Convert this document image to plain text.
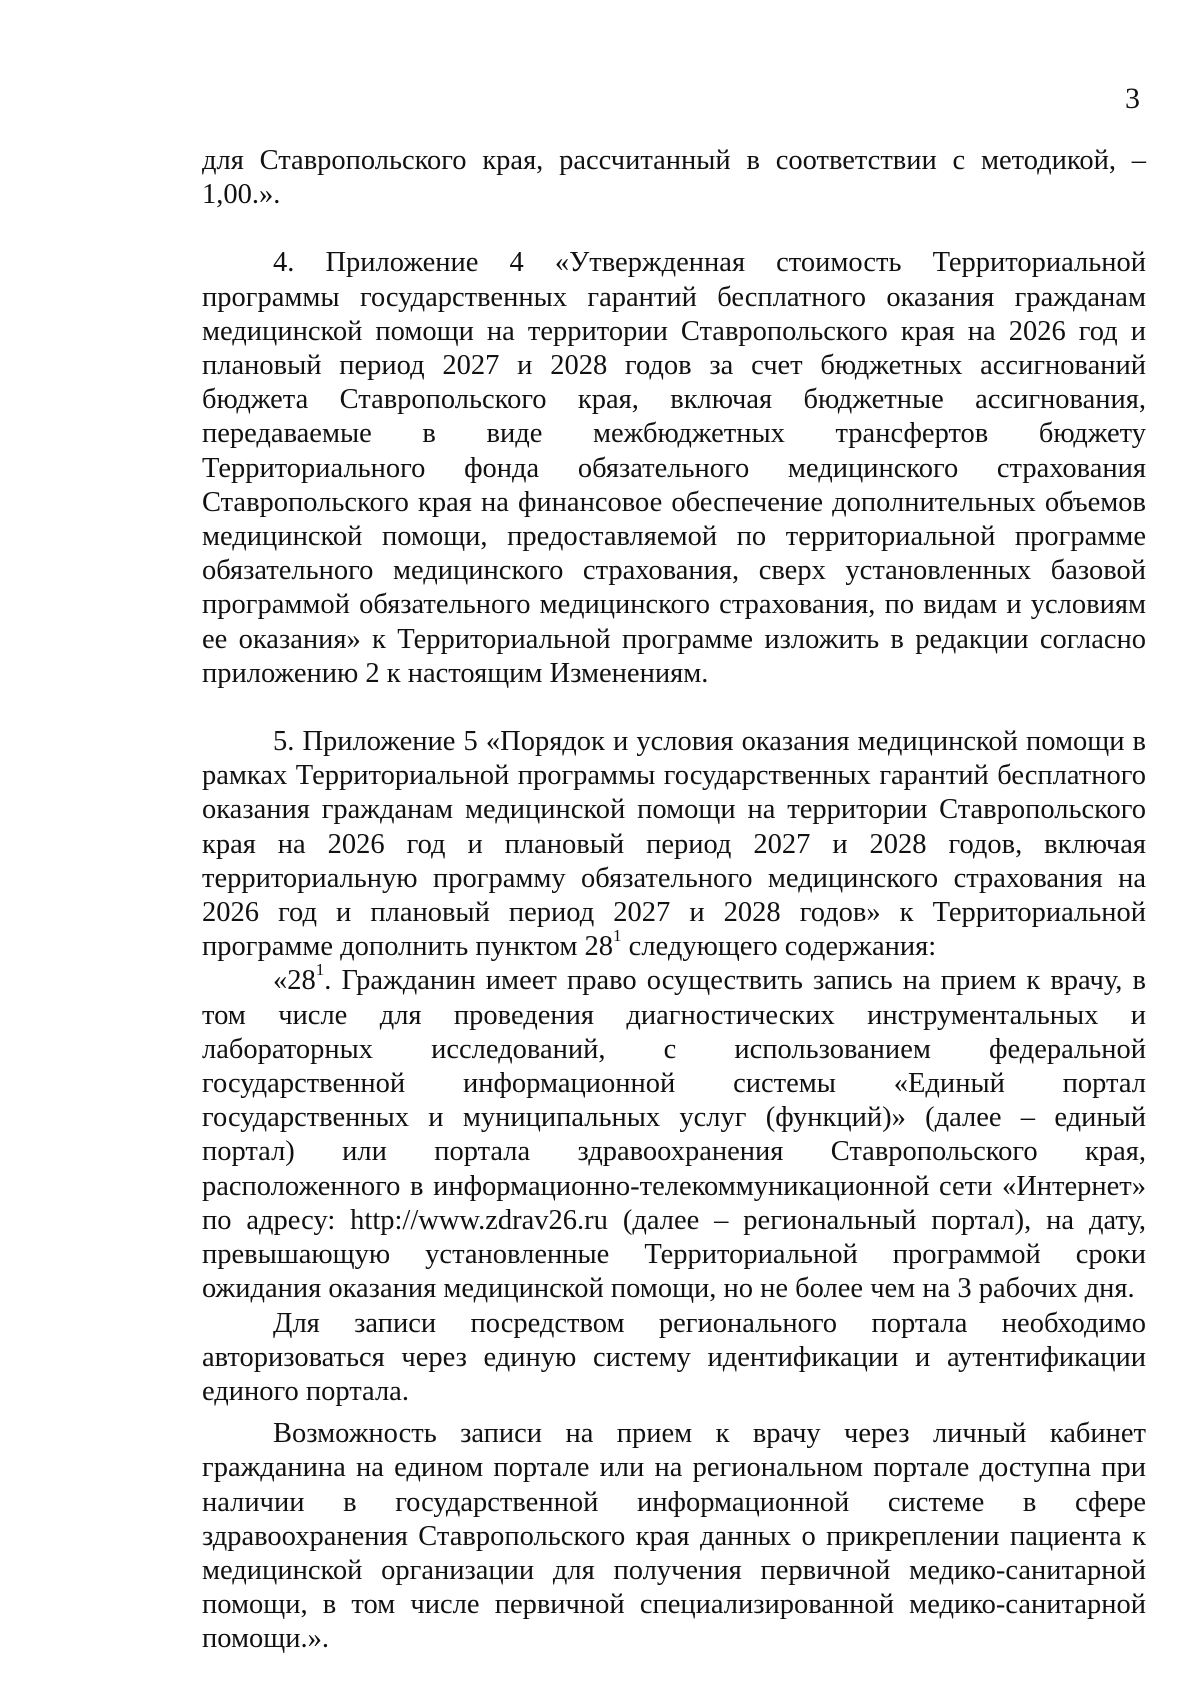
3

для Ставропольского края, рассчитанный в соответствии с методикой, – 1,00.».

4. Приложение 4 «Утвержденная стоимость Территориальной программы государственных гарантий бесплатного оказания гражданам медицинской помощи на территории Ставропольского края на 2026 год и плановый период 2027 и 2028 годов за счет бюджетных ассигнований бюджета Ставропольского края, включая бюджетные ассигнования, передаваемые в виде межбюджетных трансфертов бюджету Территориального фонда обязательного медицинского страхования Ставропольского края на финансовое обеспечение дополнительных объемов медицинской помощи, предоставляемой по территориальной программе обязательного медицинского страхования, сверх установленных базовой программой обязательного медицинского страхования, по видам и условиям ее оказания» к Территориальной программе изложить в редакции согласно приложению 2 к настоящим Изменениям.

5. Приложение 5 «Порядок и условия оказания медицинской помощи в рамках Территориальной программы государственных гарантий бесплатного оказания гражданам медицинской помощи на территории Ставропольского края на 2026 год и плановый период 2027 и 2028 годов, включая территориальную программу обязательного медицинского страхования на 2026 год и плановый период 2027 и 2028 годов» к Территориальной программе дополнить пунктом $28^1$ следующего содержания:

«$28^1$. Гражданин имеет право осуществить запись на прием к врачу, в том числе для проведения диагностических инструментальных и лабораторных исследований, с использованием федеральной государственной информационной системы «Единый портал государственных и муниципальных услуг (функций)» (далее – единый портал) или портала здравоохранения Ставропольского края, расположенного в информационно-телекоммуникационной сети «Интернет» по адресу: http://www.zdrav26.ru (далее – региональный портал), на дату, превышающую установленные Территориальной программой сроки ожидания оказания медицинской помощи, но не более чем на 3 рабочих дня.

Для записи посредством регионального портала необходимо авторизоваться через единую систему идентификации и аутентификации единого портала.

Возможность записи на прием к врачу через личный кабинет гражданина на едином портале или на региональном портале доступна при наличии в государственной информационной системе в сфере здравоохранения Ставропольского края данных о прикреплении пациента к медицинской организации для получения первичной медико-санитарной помощи, в том числе первичной специализированной медико-санитарной помощи.».
